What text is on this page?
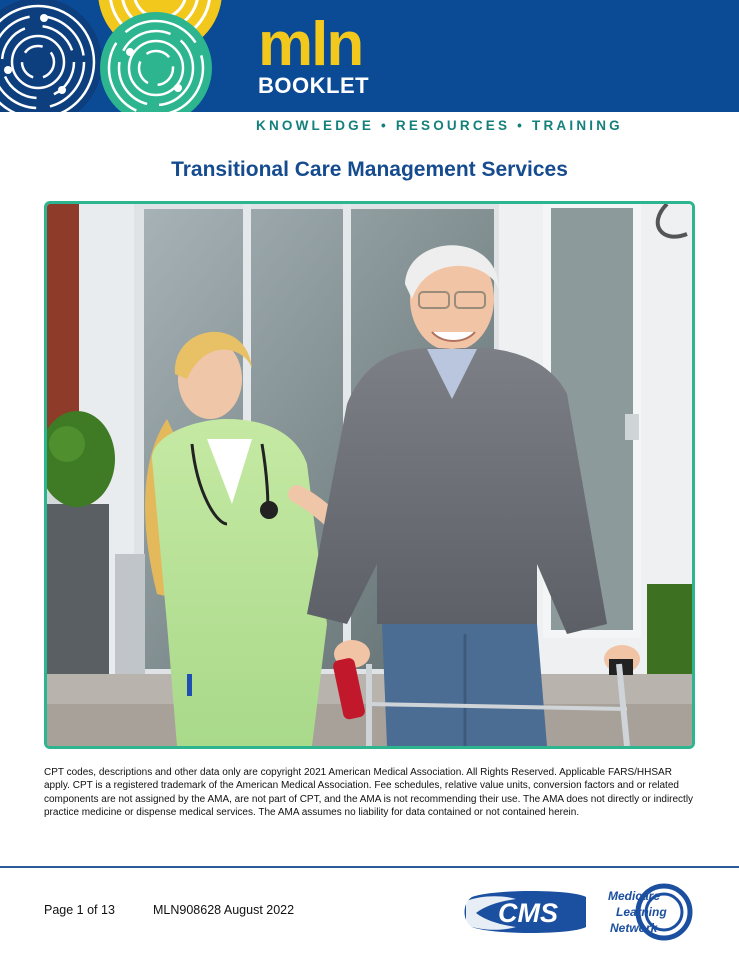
mln
BOOKLET
KNOWLEDGE • RESOURCES • TRAINING
Transitional Care Management Services
CPT codes, descriptions and other data only are copyright 2021 American Medical Association. All Rights Reserved. Applicable FARS/HHSAR apply. CPT is a registered trademark of the American Medical Association. Fee schedules, relative value units, conversion factors and or related components are not assigned by the AMA, are not part of CPT, and the AMA is not recommending their use. The AMA does not directly or indirectly practice medicine or dispense medical services. The AMA assumes no liability for data contained or not contained herein.
Page 1 of 13	MLN908628 August 2022	CMS
Medicare
Learning
Network
